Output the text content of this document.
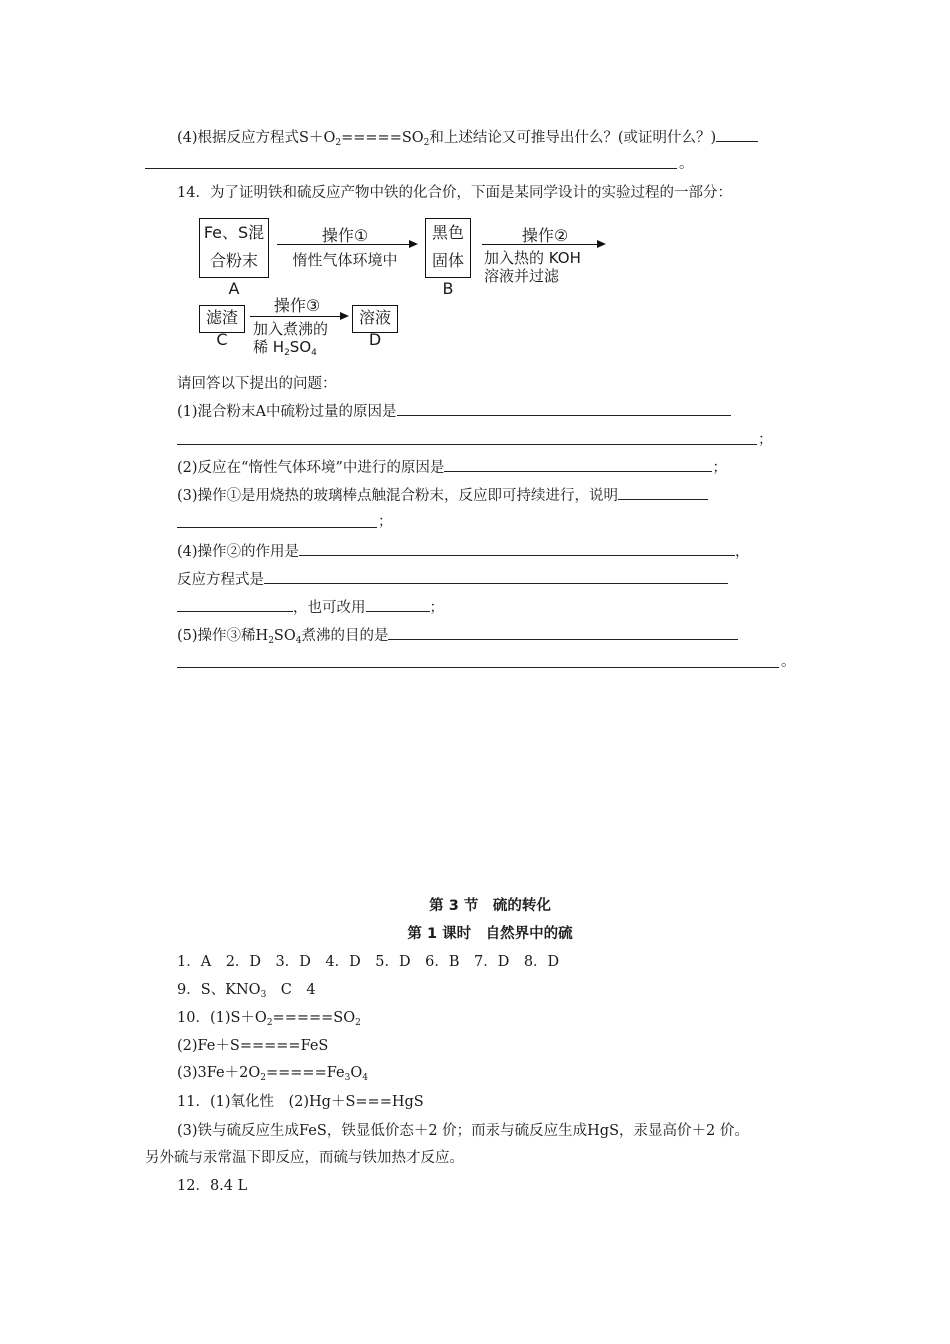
(4)根据反应方程式$S+O_2=====SO_2$和上述结论又可推导出什么？(或证明什么？)
。
14．为了证明铁和硫反应产物中铁的化合价，下面是某同学设计的实验过程的一部分：
Fe、S混
合粉末
A
操作①
惰性气体环境中
黑色
固体
B
操作②
加入热的 KOH
溶液并过滤
滤渣
C
操作③
加入煮沸的
稀 $H_2SO_4$
溶液
D
请回答以下提出的问题：
(1)混合粉末A中硫粉过量的原因是
；
(2)反应在“惰性气体环境”中进行的原因是	；
(3)操作①是用烧热的玻璃棒点触混合粉末，反应即可持续进行，说明
；
(4)操作②的作用是	，
反应方程式是
，也可改用	；
(5)操作③稀$H_2SO_4$煮沸的目的是
。
第 3 节　硫的转化
第 1 课时　自然界中的硫
1．A　2．D　3．D　4．D　5．D　6．B　7．D　8．D
9．S、$KNO_3$　C　4
10．$(1)S+O_2=====SO_2$
(2)Fe＋S=====FeS
$(3)3Fe+2O_2=====Fe_3O_4$
11．(1)氧化性　(2)Hg＋S===HgS
(3)铁与硫反应生成FeS，铁显低价态＋2 价；而汞与硫反应生成HgS，汞显高价＋2 价。
另外硫与汞常温下即反应，而硫与铁加热才反应。
12．8.4 L
